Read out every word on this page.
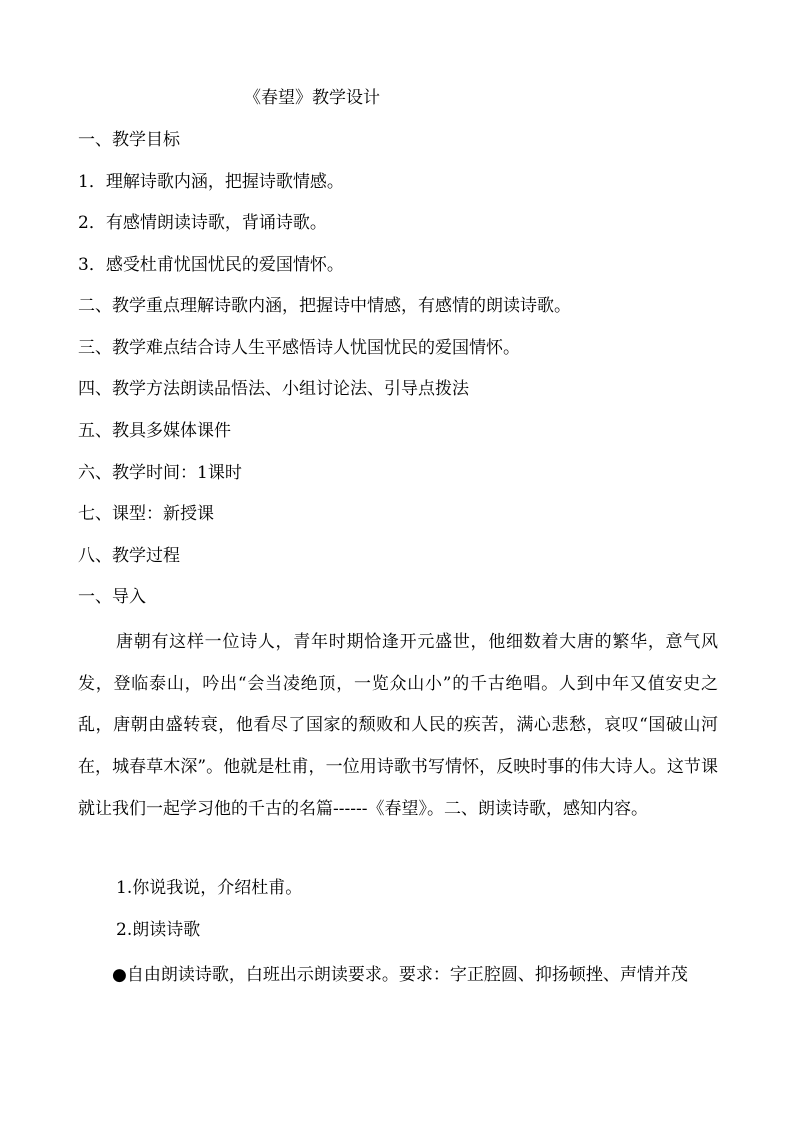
《春望》教学设计
一、教学目标
1．理解诗歌内涵，把握诗歌情感。
2．有感情朗读诗歌，背诵诗歌。
3．感受杜甫忧国忧民的爱国情怀。
二、教学重点理解诗歌内涵，把握诗中情感，有感情的朗读诗歌。
三、教学难点结合诗人生平感悟诗人忧国忧民的爱国情怀。
四、教学方法朗读品悟法、小组讨论法、引导点拨法
五、教具多媒体课件
六、教学时间：1课时
七、课型：新授课
八、教学过程
一、导入

唐朝有这样一位诗人，青年时期恰逢开元盛世，他细数着大唐的繁华，意气风发，登临泰山，吟出“会当凌绝顶，一览众山小”的千古绝唱。人到中年又值安史之乱，唐朝由盛转衰，他看尽了国家的颓败和人民的疾苦，满心悲愁，哀叹“国破山河在，城春草木深”。他就是杜甫，一位用诗歌书写情怀，反映时事的伟大诗人。这节课就让我们一起学习他的千古的名篇------《春望》。二、朗读诗歌，感知内容。

1.你说我说，介绍杜甫。
2.朗读诗歌

●自由朗读诗歌，白班出示朗读要求。要求：字正腔圆、抑扬顿挫、声情并茂
